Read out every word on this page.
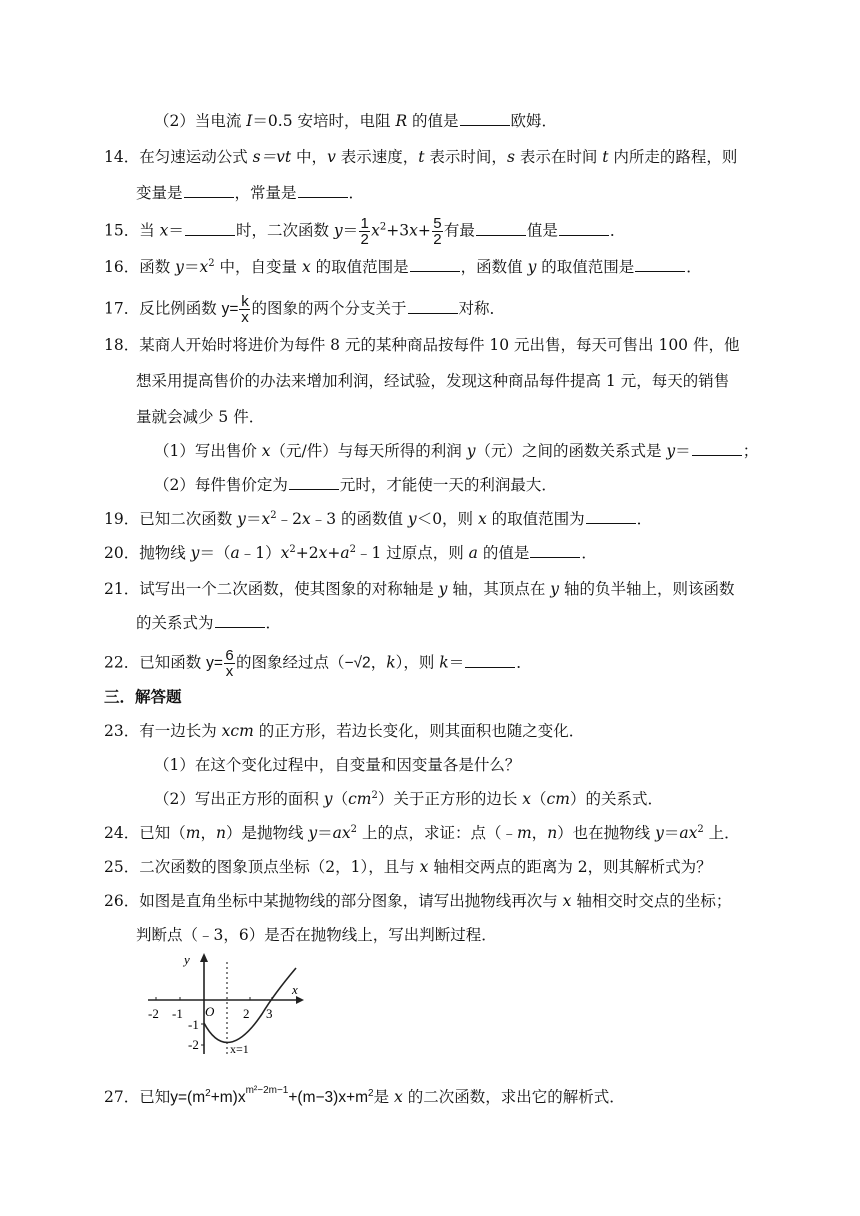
（2）当电流 I＝0.5 安培时，电阻 R 的值是	欧姆．
14．在匀速运动公式 s＝vt 中，v 表示速度，t 表示时间，s 表示在时间 t 内所走的路程，则
变量是	，常量是	．
15．当 x＝	时，二次函数 $y= \frac{1}{2} x^2+3x+ \frac{5}{2}$ 有最	值是	．
16．函数 $y=x^2$ 中，自变量 x 的取值范围是	，函数值 y 的取值范围是	．
17．反比例函数 $y= \frac{k}{x}$ 的图象的两个分支关于	对称．
18．某商人开始时将进价为每件 8 元的某种商品按每件 10 元出售，每天可售出 100 件，他
想采用提高售价的办法来增加利润，经试验，发现这种商品每件提高 1 元，每天的销售
量就会减少 5 件．
（1）写出售价 x（元/件）与每天所得的利润 y（元）之间的函数关系式是 y＝	；
（2）每件售价定为	元时，才能使一天的利润最大．
19．已知二次函数 $y=x^2﹣2x﹣3$ 的函数值 y＜0，则 x 的取值范围为	．
20．抛物线 $y=(a﹣1)x^2+2x+a^2﹣1$ 过原点，则 a 的值是	．
21．试写出一个二次函数，使其图象的对称轴是 y 轴，其顶点在 y 轴的负半轴上，则该函数
的关系式为	．
22．已知函数 $y= \frac{6}{x}$ 的图象经过点（−√2，k），则 k＝	．
三．解答题
23．有一边长为 xcm 的正方形，若边长变化，则其面积也随之变化．
（1）在这个变化过程中，自变量和因变量各是什么？
（2）写出正方形的面积 $y(cm^2)$关于正方形的边长 x（cm）的关系式．
24．已知（m，n）是抛物线 $y=ax^2$ 上的点，求证：点（﹣m，n）也在抛物线 $y=ax^2$ 上．
25．二次函数的图象顶点坐标（2，1），且与 x 轴相交两点的距离为 2，则其解析式为？
26．如图是直角坐标中某抛物线的部分图象，请写出抛物线再次与 x 轴相交时交点的坐标；
判断点（﹣3，6）是否在抛物线上，写出判断过程．
y
-2 -1 O 2 3
x
-1
-2	x=1
27．已知$y=(m^2+m)x^{m^2-2m-1}+(m-3)x+m^2$是 x 的二次函数，求出它的解析式．
